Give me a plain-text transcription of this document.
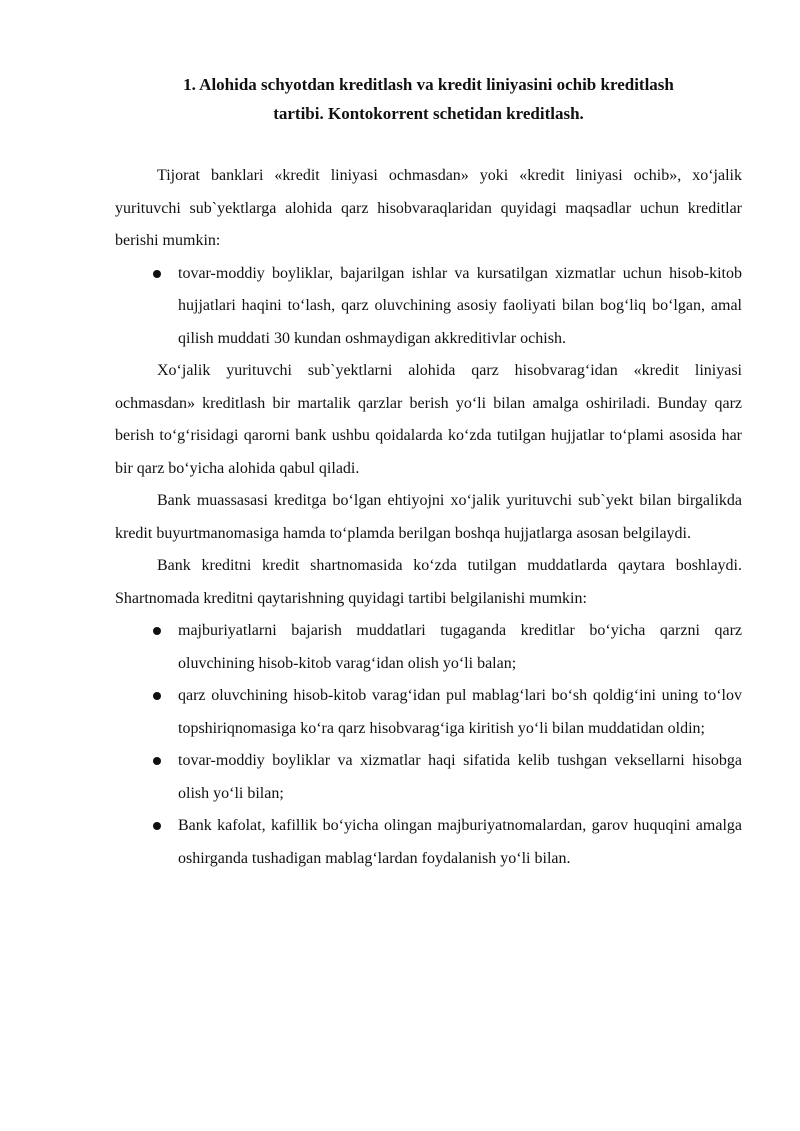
1. Alohida schyotdan kreditlash va kredit liniyasini ochib kreditlash
tartibi. Kontokorrent schetidan kreditlash.

Tijorat banklari «kredit liniyasi ochmasdan» yoki «kredit liniyasi ochib», xo‘jalik yurituvchi sub`yektlarga alohida qarz hisobvaraqlaridan quyidagi maqsadlar uchun kreditlar berishi mumkin:

tovar-moddiy boyliklar, bajarilgan ishlar va kursatilgan xizmatlar uchun hisob-kitob hujjatlari haqini to‘lash, qarz oluvchining asosiy faoliyati bilan bog‘liq bo‘lgan, amal qilish muddati 30 kundan oshmaydigan akkreditivlar ochish.

Xo‘jalik yurituvchi sub`yektlarni alohida qarz hisobvarag‘idan «kredit liniyasi ochmasdan» kreditlash bir martalik qarzlar berish yo‘li bilan amalga oshiriladi. Bunday qarz berish to‘g‘risidagi qarorni bank ushbu qoidalarda ko‘zda tutilgan hujjatlar to‘plami asosida har bir qarz bo‘yicha alohida qabul qiladi.

Bank muassasasi kreditga bo‘lgan ehtiyojni xo‘jalik yurituvchi sub`yekt bilan birgalikda kredit buyurtmanomasiga hamda to‘plamda berilgan boshqa hujjatlarga asosan belgilaydi.

Bank kreditni kredit shartnomasida ko‘zda tutilgan muddatlarda qaytara boshlaydi. Shartnomada kreditni qaytarishning quyidagi tartibi belgilanishi mumkin:

majburiyatlarni bajarish muddatlari tugaganda kreditlar bo‘yicha qarzni qarz oluvchining hisob-kitob varag‘idan olish yo‘li balan;
qarz oluvchining hisob-kitob varag‘idan pul mablag‘lari bo‘sh qoldig‘ini uning to‘lov topshiriqnomasiga ko‘ra qarz hisobvarag‘iga kiritish yo‘li bilan muddatidan oldin;
tovar-moddiy boyliklar va xizmatlar haqi sifatida kelib tushgan veksellarni hisobga olish yo‘li bilan;
Bank kafolat, kafillik bo‘yicha olingan majburiyatnomalardan, garov huquqini amalga oshirganda tushadigan mablag‘lardan foydalanish yo‘li bilan.
